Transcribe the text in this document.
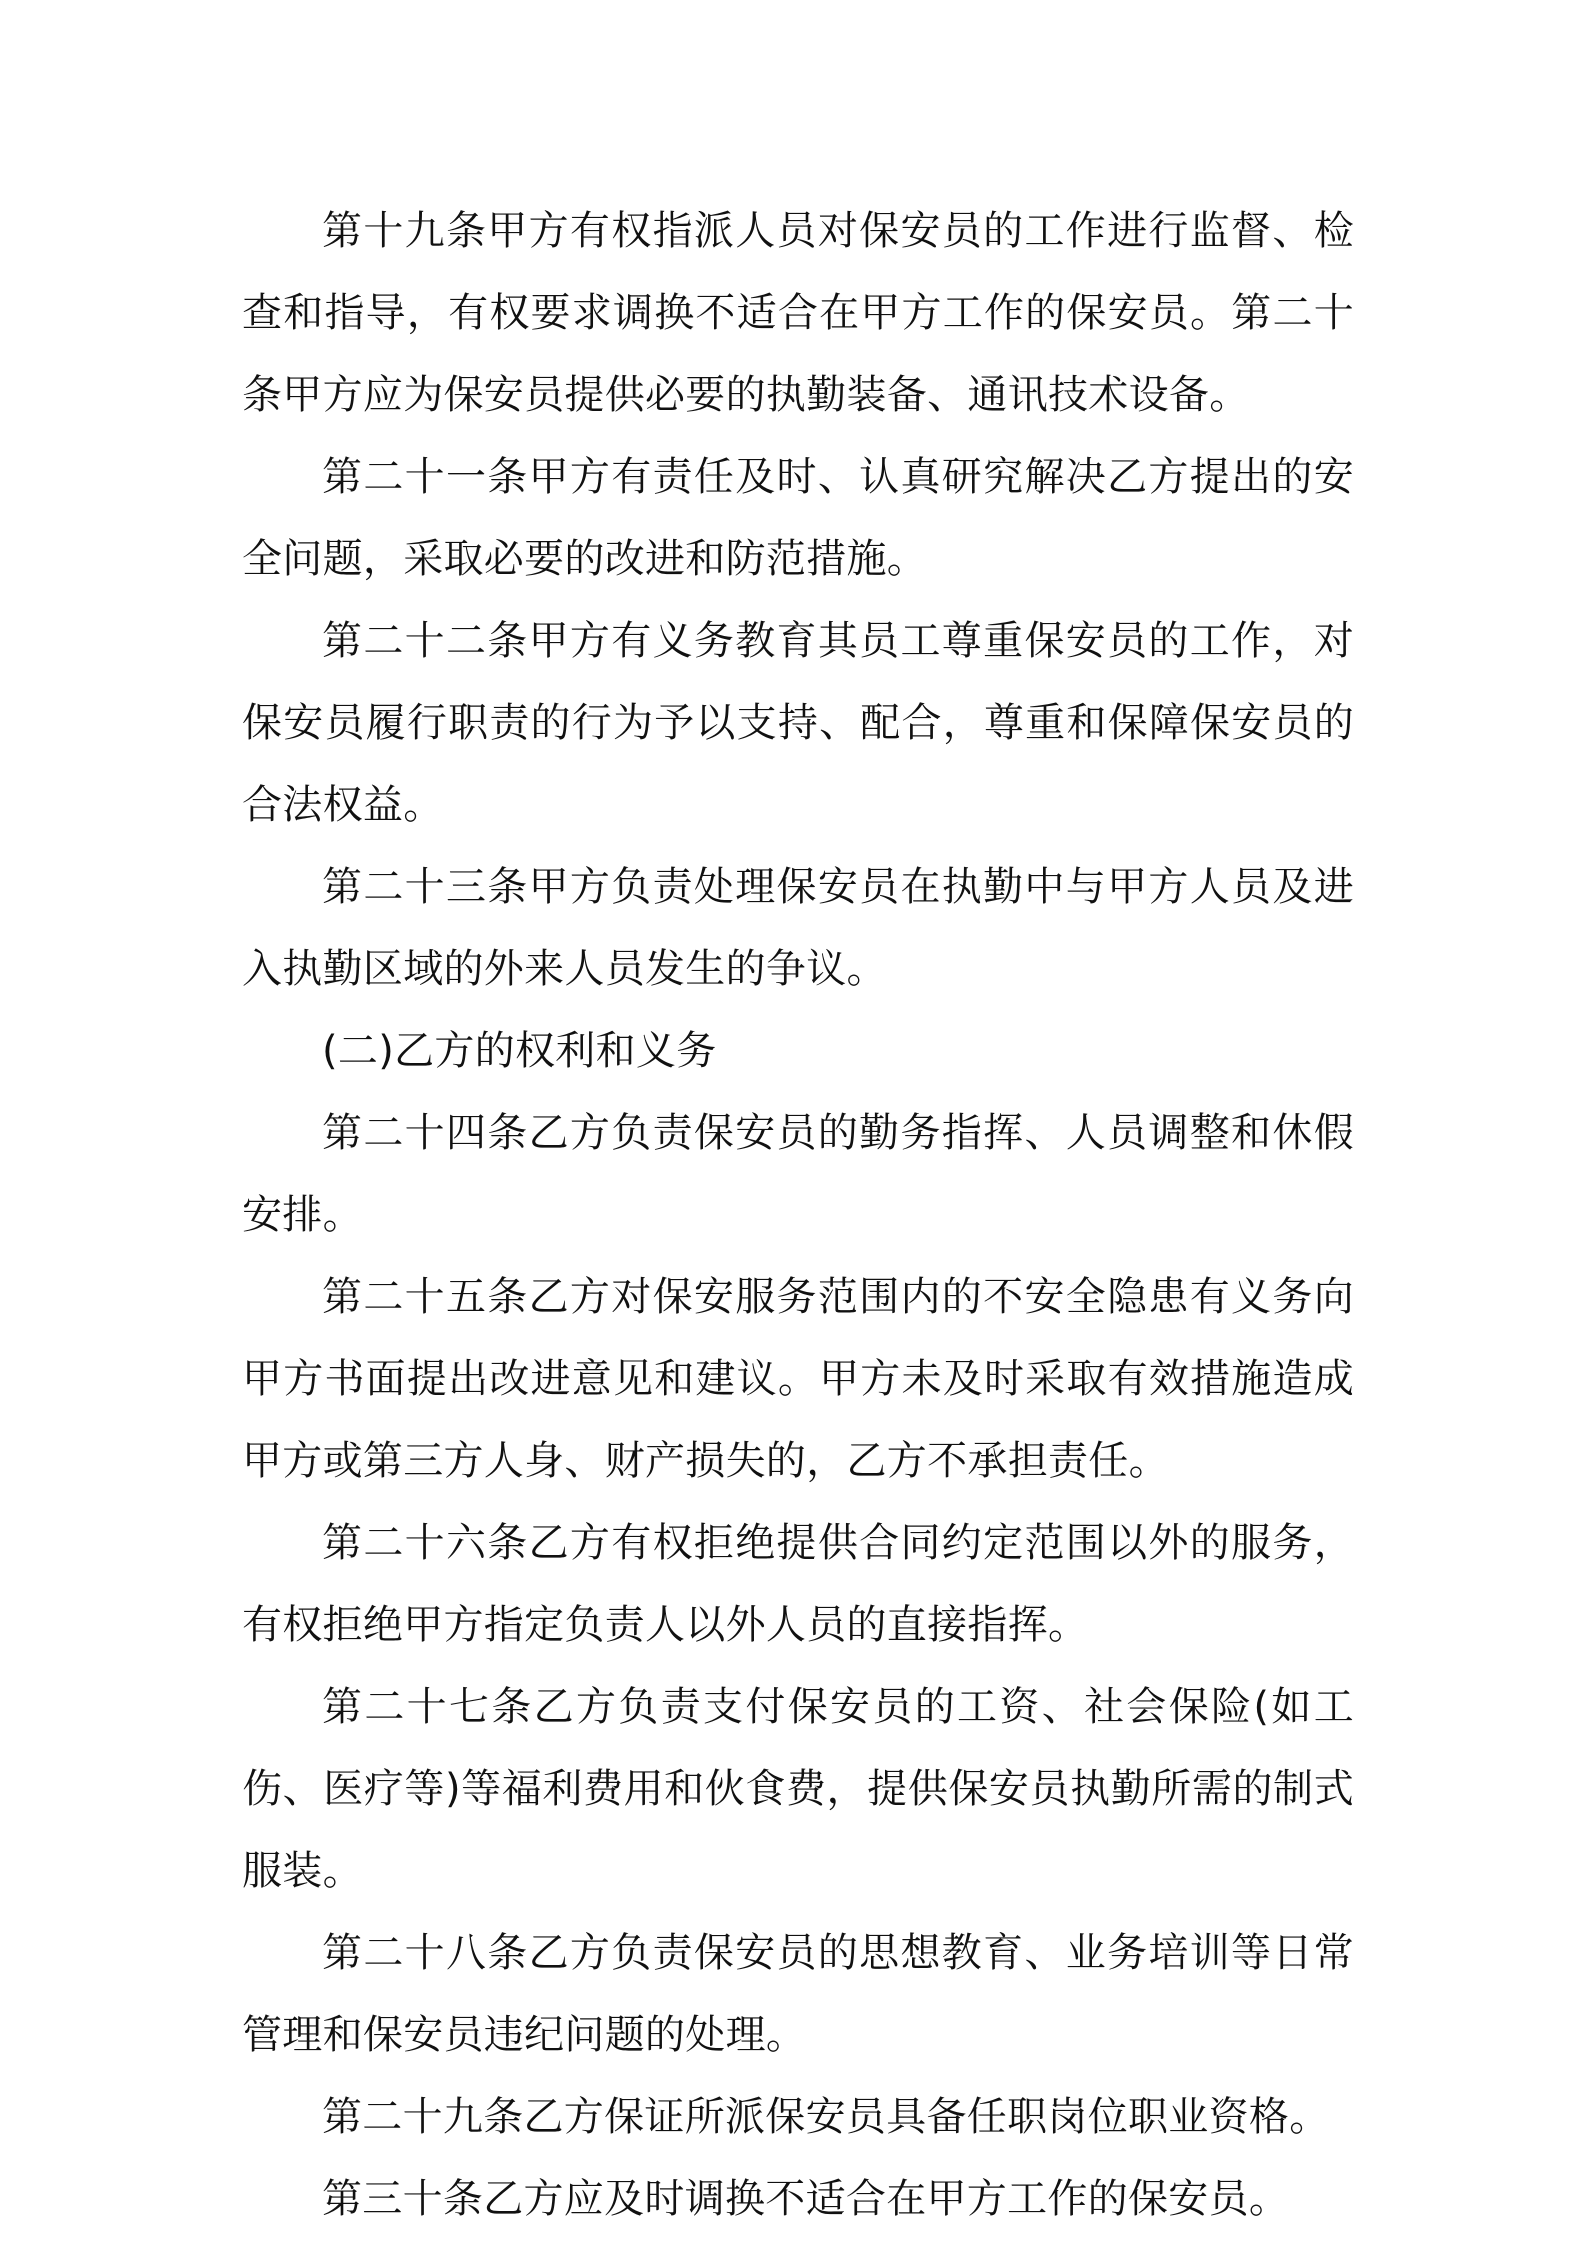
第十九条甲方有权指派人员对保安员的工作进行监督、检查和指导，有权要求调换不适合在甲方工作的保安员。第二十条甲方应为保安员提供必要的执勤装备、通讯技术设备。

第二十一条甲方有责任及时、认真研究解决乙方提出的安全问题，采取必要的改进和防范措施。

第二十二条甲方有义务教育其员工尊重保安员的工作，对保安员履行职责的行为予以支持、配合，尊重和保障保安员的合法权益。

第二十三条甲方负责处理保安员在执勤中与甲方人员及进入执勤区域的外来人员发生的争议。

(二)乙方的权利和义务

第二十四条乙方负责保安员的勤务指挥、人员调整和休假安排。

第二十五条乙方对保安服务范围内的不安全隐患有义务向甲方书面提出改进意见和建议。甲方未及时采取有效措施造成甲方或第三方人身、财产损失的，乙方不承担责任。

第二十六条乙方有权拒绝提供合同约定范围以外的服务，有权拒绝甲方指定负责人以外人员的直接指挥。

第二十七条乙方负责支付保安员的工资、社会保险(如工伤、医疗等)等福利费用和伙食费，提供保安员执勤所需的制式服装。

第二十八条乙方负责保安员的思想教育、业务培训等日常管理和保安员违纪问题的处理。

第二十九条乙方保证所派保安员具备任职岗位职业资格。

第三十条乙方应及时调换不适合在甲方工作的保安员。
